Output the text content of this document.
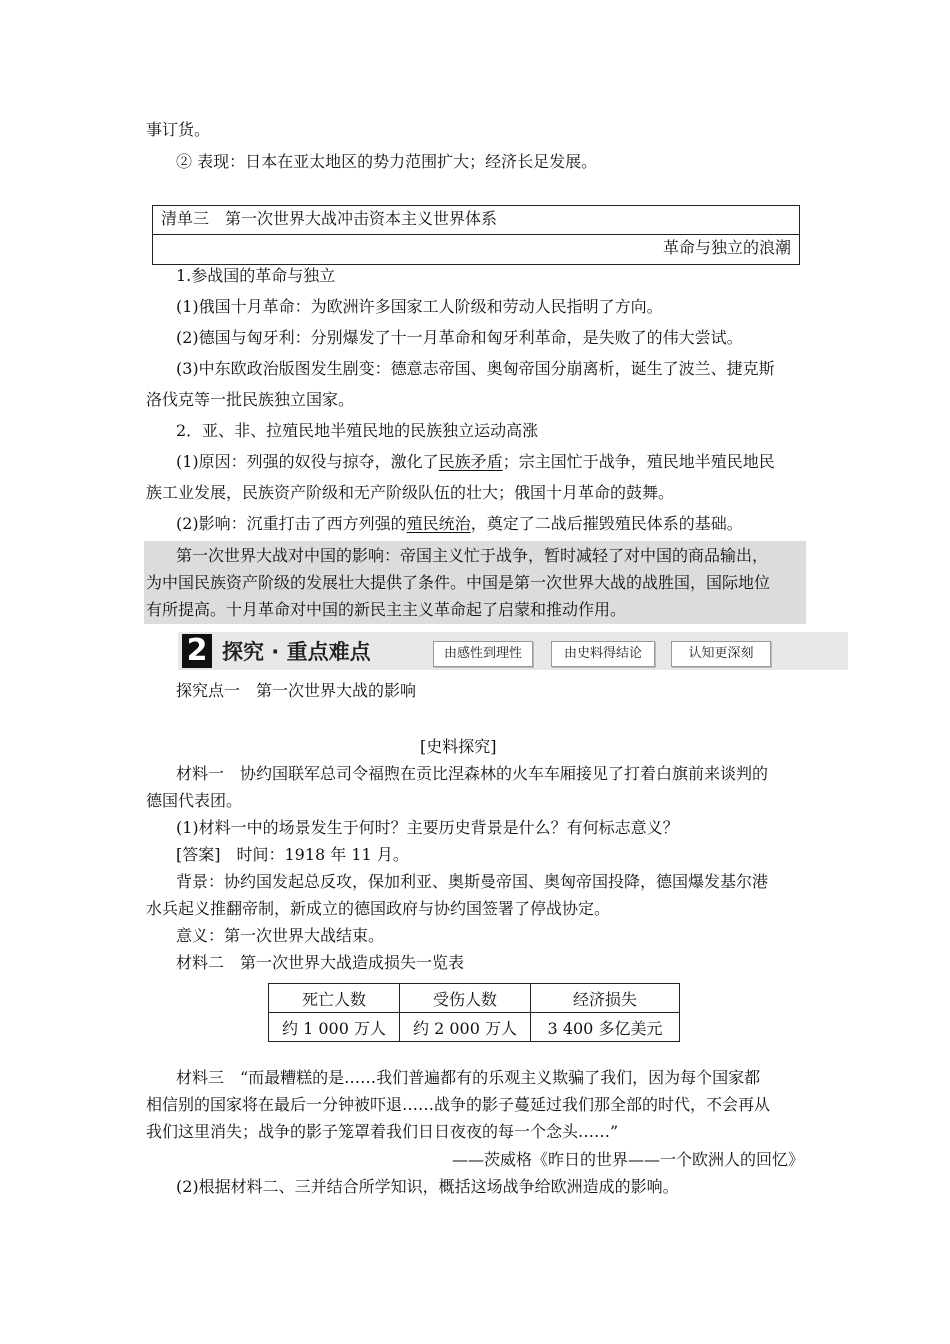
事订货。
② 表现：日本在亚太地区的势力范围扩大；经济长足发展。
清单三　第一次世界大战冲击资本主义世界体系
革命与独立的浪潮
1.参战国的革命与独立
(1)俄国十月革命：为欧洲许多国家工人阶级和劳动人民指明了方向。
(2)德国与匈牙利：分别爆发了十一月革命和匈牙利革命，是失败了的伟大尝试。
(3)中东欧政治版图发生剧变：德意志帝国、奥匈帝国分崩离析，诞生了波兰、捷克斯
洛伐克等一批民族独立国家。
2．亚、非、拉殖民地半殖民地的民族独立运动高涨
(1)原因：列强的奴役与掠夺，激化了民族矛盾；宗主国忙于战争，殖民地半殖民地民
族工业发展，民族资产阶级和无产阶级队伍的壮大；俄国十月革命的鼓舞。
(2)影响：沉重打击了西方列强的殖民统治，奠定了二战后摧毁殖民体系的基础。
第一次世界大战对中国的影响：帝国主义忙于战争，暂时减轻了对中国的商品输出，
为中国民族资产阶级的发展壮大提供了条件。中国是第一次世界大战的战胜国，国际地位
有所提高。十月革命对中国的新民主主义革命起了启蒙和推动作用。
2 探究 · 重点难点	由感性到理性	由史料得结论	认知更深刻
探究点一　第一次世界大战的影响
[史料探究]
材料一　协约国联军总司令福煦在贡比涅森林的火车车厢接见了打着白旗前来谈判的
德国代表团。
(1)材料一中的场景发生于何时？主要历史背景是什么？有何标志意义？
[答案]　时间：1918 年 11 月。
背景：协约国发起总反攻，保加利亚、奥斯曼帝国、奥匈帝国投降，德国爆发基尔港
水兵起义推翻帝制，新成立的德国政府与协约国签署了停战协定。
意义：第一次世界大战结束。
材料二　第一次世界大战造成损失一览表
死亡人数	受伤人数	经济损失
约 1 000 万人	约 2 000 万人	3 400 多亿美元
材料三　“而最糟糕的是……我们普遍都有的乐观主义欺骗了我们，因为每个国家都
相信别的国家将在最后一分钟被吓退……战争的影子蔓延过我们那全部的时代，不会再从
我们这里消失；战争的影子笼罩着我们日日夜夜的每一个念头……”
——茨威格《昨日的世界——一个欧洲人的回忆》
(2)根据材料二、三并结合所学知识，概括这场战争给欧洲造成的影响。
